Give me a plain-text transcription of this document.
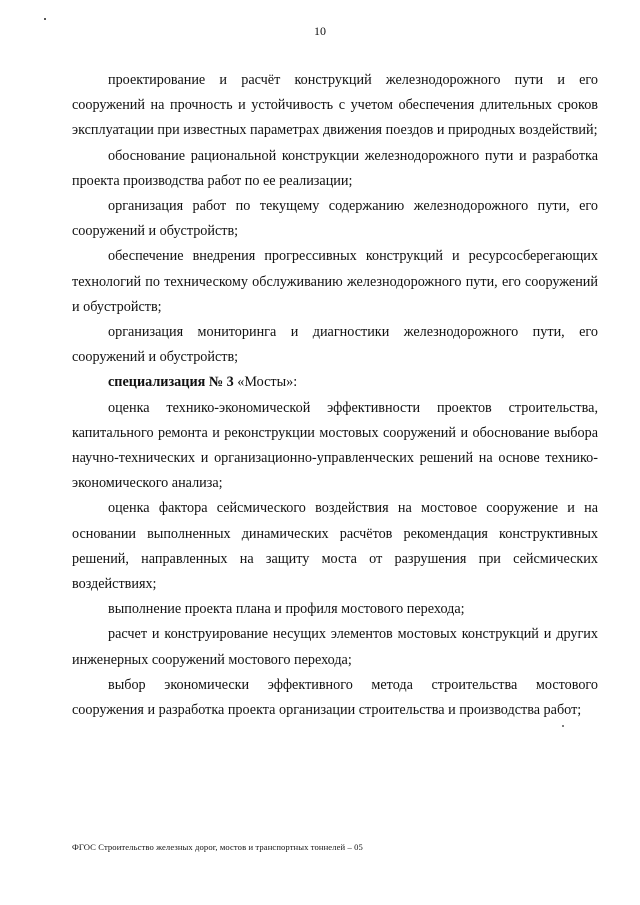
10

проектирование и расчёт конструкций железнодорожного пути и его сооружений на прочность и устойчивость с учетом обеспечения длительных сроков эксплуатации при известных параметрах движения поездов и природных воздействий;

обоснование рациональной конструкции железнодорожного пути и разработка проекта производства работ по ее реализации;

организация работ по текущему содержанию железнодорожного пути, его сооружений и обустройств;

обеспечение внедрения прогрессивных конструкций и ресурсосберегающих технологий по техническому обслуживанию железнодорожного пути, его сооружений и обустройств;

организация мониторинга и диагностики железнодорожного пути, его сооружений и обустройств;

специализация № 3 «Мосты»:

оценка технико-экономической эффективности проектов строительства, капитального ремонта и реконструкции мостовых сооружений и обоснование выбора научно-технических и организационно-управленческих решений на основе технико-экономического анализа;

оценка фактора сейсмического воздействия на мостовое сооружение и на основании выполненных динамических расчётов рекомендация конструктивных решений, направленных на защиту моста от разрушения при сейсмических воздействиях;

выполнение проекта плана и профиля мостового перехода;

расчет и конструирование несущих элементов мостовых конструкций и других инженерных сооружений мостового перехода;

выбор экономически эффективного метода строительства мостового сооружения и разработка проекта организации строительства и производства работ;

ФГОС Строительство железных дорог, мостов и транспортных тоннелей – 05
